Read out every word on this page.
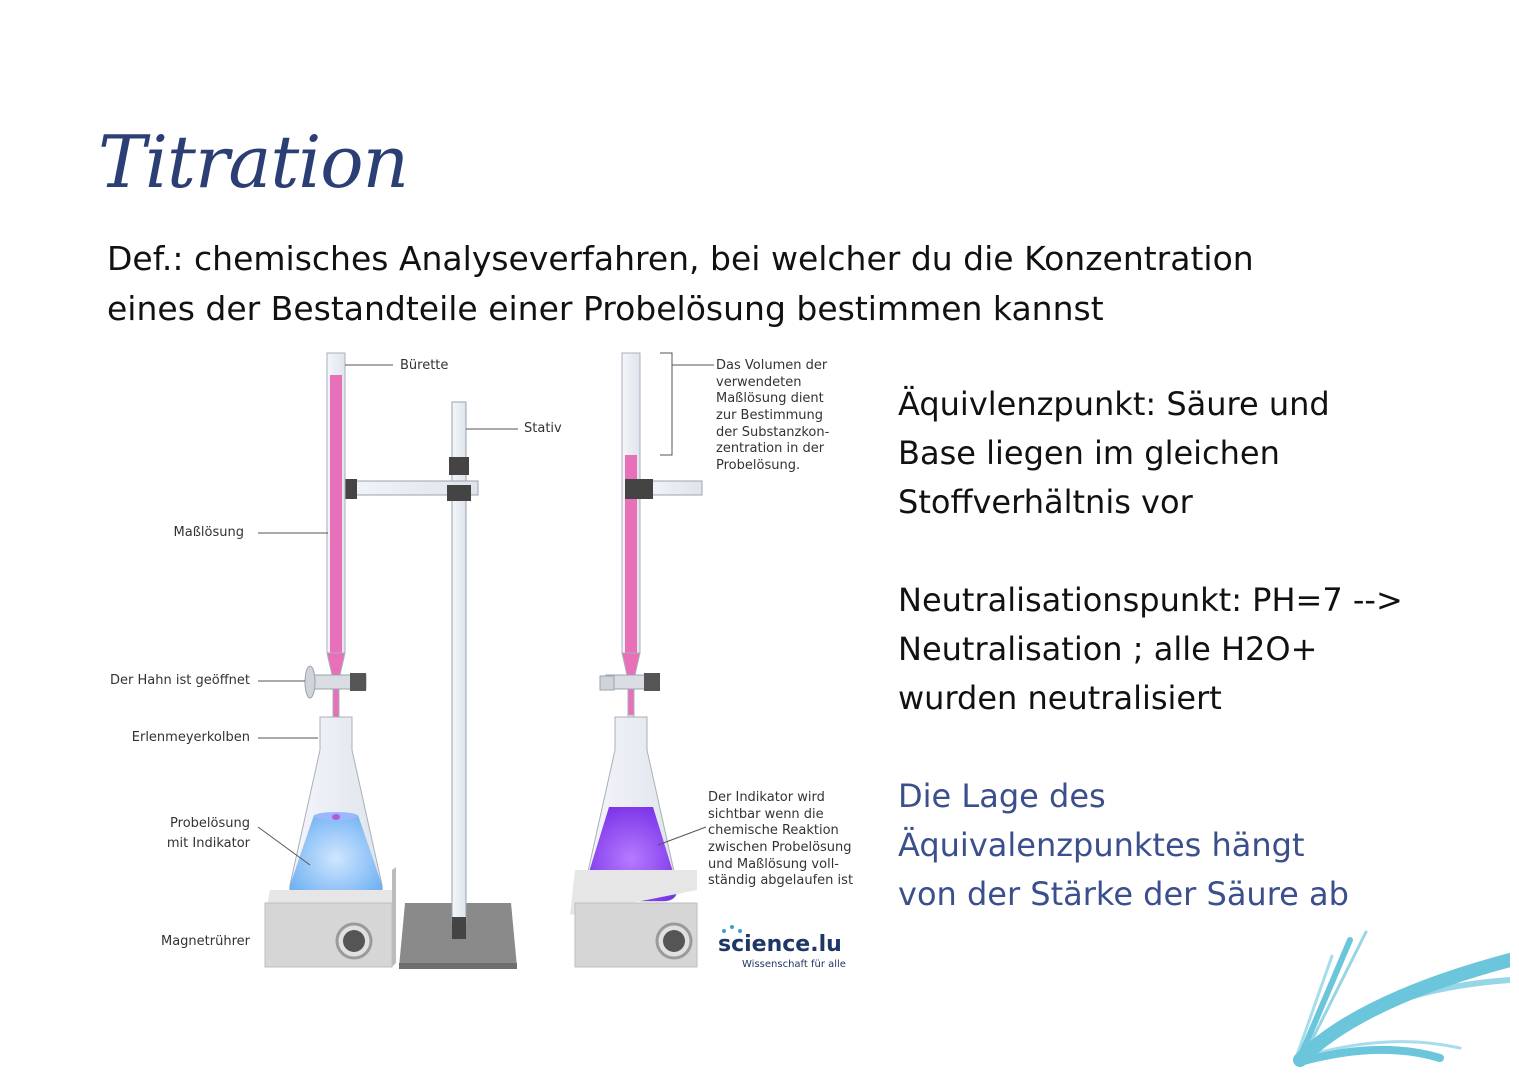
Titration
Def.: chemisches Analyseverfahren, bei welcher du die Konzentration
eines der Bestandteile einer Probelösung bestimmen kannst
Bürette
Stativ
Maßlösung
Der Hahn ist geöffnet
Erlenmeyerkolben
Probelösung
mit Indikator
Magnetrührer
Das Volumen der
verwendeten
Maßlösung dient
zur Bestimmung
der Substanzkon-
zentration in der
Probelösung.
Der Indikator wird
sichtbar wenn die
chemische Reaktion
zwischen Probelösung
und Maßlösung voll-
ständig abgelaufen ist
science.lu
Wissenschaft für alle
Äquivlenzpunkt: Säure und
Base liegen im gleichen
Stoffverhältnis vor
Neutralisationspunkt: PH=7 -->
Neutralisation ; alle H2O+
wurden neutralisiert
Die Lage des
Äquivalenzpunktes hängt
von der Stärke der Säure ab
